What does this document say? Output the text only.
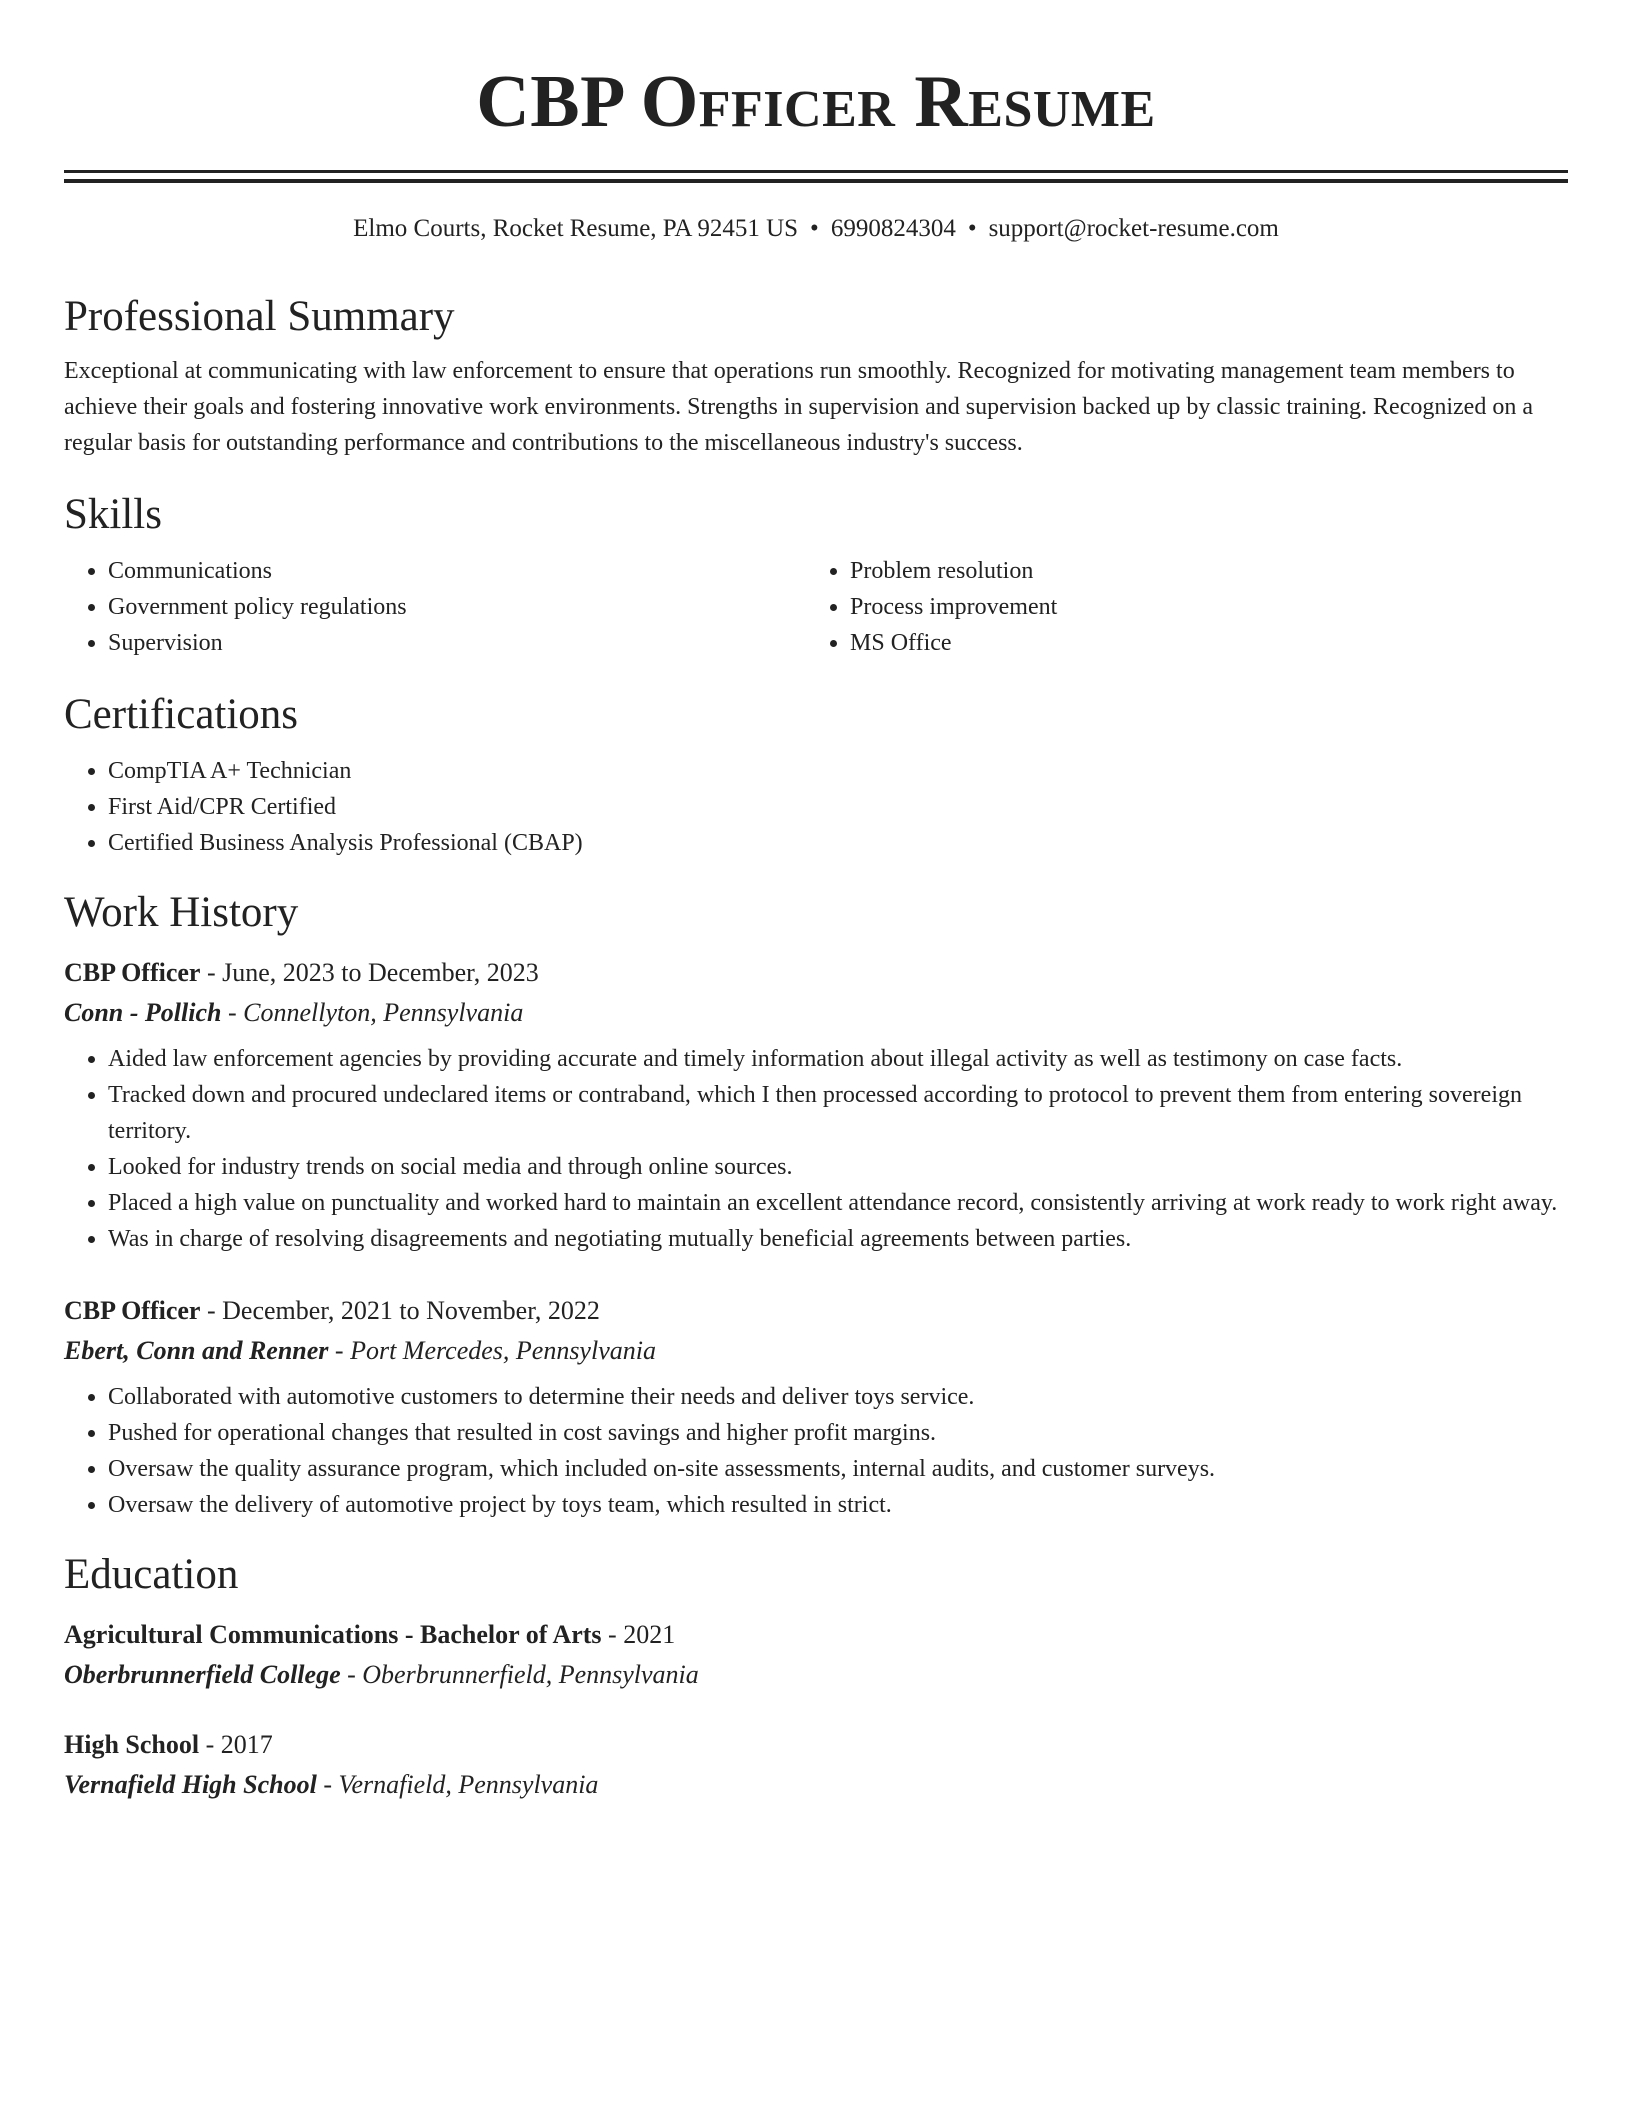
CBP Officer Resume
Elmo Courts, Rocket Resume, PA 92451 US • 6990824304 • support@rocket-resume.com
Professional Summary

Exceptional at communicating with law enforcement to ensure that operations run smoothly. Recognized for motivating management team members to achieve their goals and fostering innovative work environments. Strengths in supervision and supervision backed up by classic training. Recognized on a regular basis for outstanding performance and contributions to the miscellaneous industry's success.

Skills
• Communications
• Government policy regulations
• Supervision
• Problem resolution
• Process improvement
• MS Office
Certifications
• CompTIA A+ Technician
• First Aid/CPR Certified
• Certified Business Analysis Professional (CBAP)
Work History
CBP Officer - June, 2023 to December, 2023
Conn - Pollich - Connellyton, Pennsylvania
• Aided law enforcement agencies by providing accurate and timely information about illegal activity as well as testimony on case facts.
• Tracked down and procured undeclared items or contraband, which I then processed according to protocol to prevent them from entering sovereign territory.
• Looked for industry trends on social media and through online sources.
• Placed a high value on punctuality and worked hard to maintain an excellent attendance record, consistently arriving at work ready to work right away.
• Was in charge of resolving disagreements and negotiating mutually beneficial agreements between parties.
CBP Officer - December, 2021 to November, 2022
Ebert, Conn and Renner - Port Mercedes, Pennsylvania
• Collaborated with automotive customers to determine their needs and deliver toys service.
• Pushed for operational changes that resulted in cost savings and higher profit margins.
• Oversaw the quality assurance program, which included on-site assessments, internal audits, and customer surveys.
• Oversaw the delivery of automotive project by toys team, which resulted in strict.
Education
Agricultural Communications - Bachelor of Arts - 2021
Oberbrunnerfield College - Oberbrunnerfield, Pennsylvania
High School - 2017
Vernafield High School - Vernafield, Pennsylvania
